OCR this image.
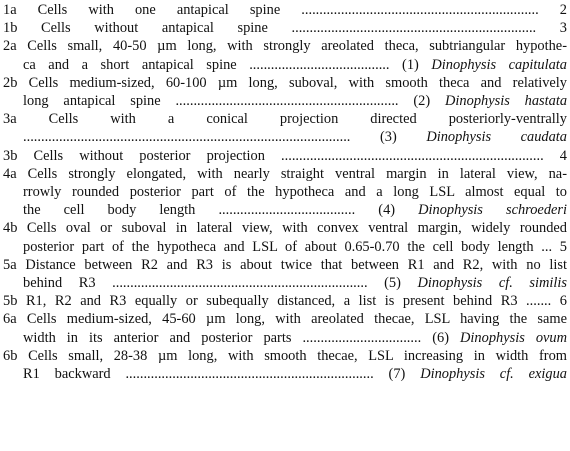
1a Cells with one antapical spine .................................................................. 2
1b Cells without antapical spine .................................................................... 3
2a Cells small, 40-50 µm long, with strongly areolated theca, subtriangular hypothe-
ca and a short antapical spine ....................................... (1) Dinophysis capitulata
2b Cells medium-sized, 60-100 µm long, suboval, with smooth theca and relatively
long antapical spine .............................................................. (2) Dinophysis hastata
3a Cells with a conical projection directed posteriorly-ventrally
........................................................................................... (3) Dinophysis caudata
3b Cells without posterior projection ......................................................................... 4
4a Cells strongly elongated, with nearly straight ventral margin in lateral view, na-
rrowly rounded posterior part of the hypotheca and a long LSL almost equal to
the cell body length ...................................... (4) Dinophysis schroederi
4b Cells oval or suboval in lateral view, with convex ventral margin, widely rounded
posterior part of the hypotheca and LSL of about 0.65-0.70 the cell body length ... 5
5a Distance between R2 and R3 is about twice that between R1 and R2, with no list
behind R3 ....................................................................... (5) Dinophysis cf. similis
5b R1, R2 and R3 equally or subequally distanced, a list is present behind R3 ....... 6
6a Cells medium-sized, 45-60 µm long, with areolated thecae, LSL having the same
width in its anterior and posterior parts ................................. (6) Dinophysis ovum
6b Cells small, 28-38 µm long, with smooth thecae, LSL increasing in width from
R1 backward ..................................................................... (7) Dinophysis cf. exigua
